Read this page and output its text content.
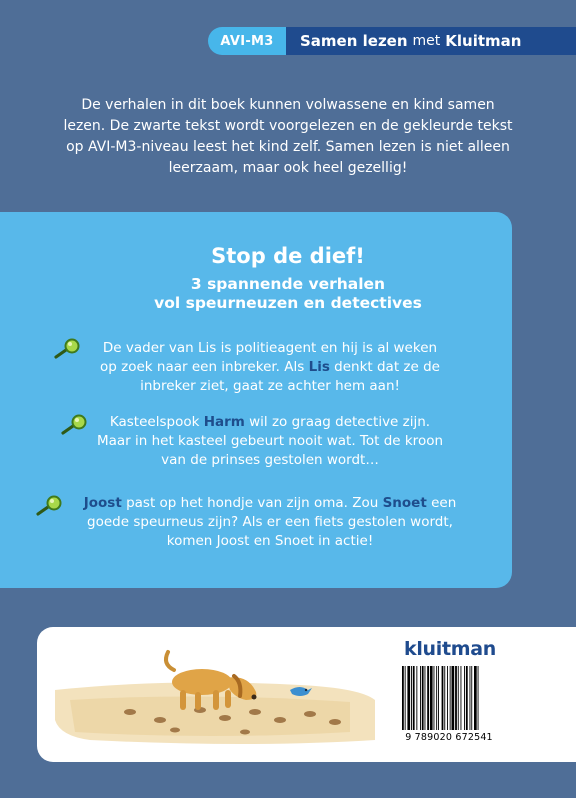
AVI-M3	Samen lezen met Kluitman
De verhalen in dit boek kunnen volwassene en kind samen
lezen. De zwarte tekst wordt voorgelezen en de gekleurde tekst
op AVI-M3-niveau leest het kind zelf. Samen lezen is niet alleen
leerzaam, maar ook heel gezellig!
Stop de dief!
3 spannende verhalen
vol speurneuzen en detectives
De vader van Lis is politieagent en hij is al weken
op zoek naar een inbreker. Als Lis denkt dat ze de
inbreker ziet, gaat ze achter hem aan!
Kasteelspook Harm wil zo graag detective zijn.
Maar in het kasteel gebeurt nooit wat. Tot de kroon
van de prinses gestolen wordt…
Joost past op het hondje van zijn oma. Zou Snoet een
goede speurneus zijn? Als er een fiets gestolen wordt,
komen Joost en Snoet in actie!
kluitman
9 789020 672541
